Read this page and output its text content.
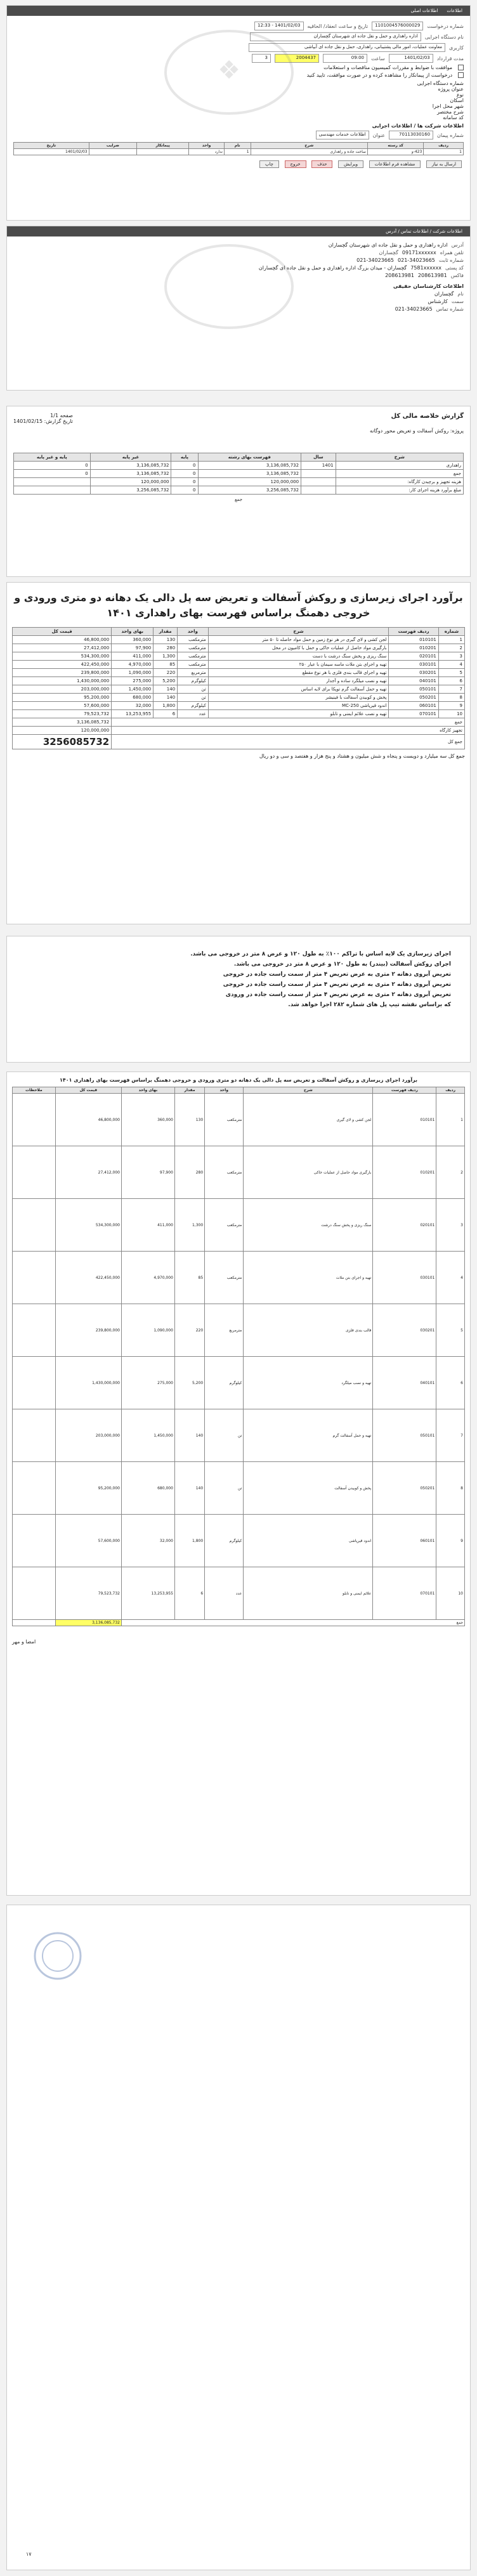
اطلاعات
اطلاعات اصلی
❖
شماره درخواست
1101004576000029
تاریخ و ساعت انعقاد/ الحاقیه
1401/02/03 - 12:33
نام دستگاه اجرایی
اداره راهداری و حمل و نقل جاده ای شهرستان گچساران
کاربری
معاونت عملیات، امور مالی پشتیبانی، راهداری، حمل و نقل جاده ای آبپاشی
مدت قرارداد
1401/02/03
ساعت
09:00
2004437
3
موافقت با ضوابط و مقررات کمیسیون مناقصات و استعلامات
درخواست از پیمانکار را مشاهده کرده و در صورت موافقت، تایید کنید
شماره دستگاه اجرایی
عنوان پروژه
نوع
اسکان
شهر محل اجرا
شرح مختصر
کد سامانه
اطلاعات شرکت ها / اطلاعات اجرایی
شماره پیمان
70113030160
عنوان
اطلاعات خدمات مهندسی
ردیف	کد رسته	شرح	نام	واحد	پیمانکار	ضرایب	تاریخ
1	423-و	ساخت جاده و راهداری	1	ندارد			1401/02/03
ارسال به نیاز مشاهده فرم اطلاعات ویرایش حذف خروج چاپ
اطلاعات شرکت / اطلاعات تماس / آدرس
آدرس
اداره راهداری و حمل و نقل جاده ای شهرستان گچساران
تلفن همراه
09171xxxxxx
گچساران
شماره ثابت
021-34023665
021-34023665
کد پستی
7581xxxxxx
گچساران - میدان بزرگ اداره راهداری و حمل و نقل جاده ای گچساران
فاکس
208613981
208613981
اطلاعات کارشناسان حقیقی
نام
گچساران
سمت
کارشناس
شماره تماس
021-34023665
گزارش خلاصه مالی کل
صفحه 1/1
تاریخ گزارش: 1401/02/15
پروژه: روکش آسفالت و تعریض محور دوگانه
شرح	سال	فهرست بهای رشته	پایه	غیر پایه	پایه و غیر پایه
راهداری	1401	3,136,085,732	0	3,136,085,732	0
جمع		3,136,085,732	0	3,136,085,732	0
هزینه تجهیز و برچیدن کارگاه:		120,000,000	0	120,000,000	
مبلغ برآورد هزینه اجرای کار:		3,256,085,732	0	3,256,085,732	
جمع
برآورد اجرای زیرسازی و روکش آسفالت و تعریض سه پل دالی یک دهانه دو متری ورودی و خروجی دهمنگ براساس فهرست بهای راهداری ۱۴۰۱
شماره	ردیف فهرست	شرح	واحد	مقدار	بهای واحد	قیمت کل
1	010101	لجن کشی و لای گیری در هر نوع زمین و حمل مواد حاصله تا ۵۰ متر	مترمکعب	130	360,000	46,800,000
2	010201	بارگیری مواد حاصل از عملیات خاکی و حمل با کامیون در محل	مترمکعب	280	97,900	27,412,000
3	020101	سنگ ریزی و پخش سنگ درشت با دست	مترمکعب	1,300	411,000	534,300,000
4	030101	تهیه و اجرای بتن ملات ماسه سیمان با عیار ۲۵۰	مترمکعب	85	4,970,000	422,450,000
5	030201	تهیه و اجرای قالب بندی فلزی با هر نوع مقطع	مترمربع	220	1,090,000	239,800,000
6	040101	تهیه و نصب میلگرد ساده و آجدار	کیلوگرم	5,200	275,000	1,430,000,000
7	050101	تهیه و حمل آسفالت گرم توپکا برای لایه اساس	تن	140	1,450,000	203,000,000
8	050201	پخش و کوبیدن آسفالت با فینیشر	تن	140	680,000	95,200,000
9	060101	اندود قیرپاشی MC-250	کیلوگرم	1,800	32,000	57,600,000
10	070101	تهیه و نصب علائم ایمنی و تابلو	عدد	6	13,253,955	79,523,732
جمع						3,136,085,732
تجهیز کارگاه						120,000,000
جمع کل						3256085732
جمع کل سه میلیارد و دویست و پنجاه و شش میلیون و هشتاد و پنج هزار و هفتصد و سی و دو ریال
اجرای زیرسازی یک لایه اساس با تراکم ۱۰۰٪ به طول ۱۲۰ و عرض ۸ متر در خروجی می باشد.
اجرای روکش آسفالت (بیندر) به طول ۱۲۰ و عرض ۸ متر در خروجی می باشد.
تعریض آبروی دهانه ۲ متری به عرض تعریض ۴ متر از سمت راست جاده در خروجی
تعریض آبروی دهانه ۲ متری به عرض تعریض ۴ متر از سمت راست جاده در خروجی
تعریض آبروی دهانه ۲ متری به عرض تعریض ۴ متر از سمت راست جاده در ورودی
که براساس نقشه تیپ پل های شماره ۲۸۲ اجرا خواهد شد.
برآورد اجرای زیرسازی و روکش آسفالت و تعریض سه پل دالی یک دهانه دو متری ورودی و خروجی دهمنگ براساس فهرست بهای راهداری ۱۴۰۱
ردیف	ردیف فهرست	شرح	واحد	مقدار	بهای واحد	قیمت کل	ملاحظات
1	010101	لجن کشی و لای گیری	مترمکعب	130	360,000	46,800,000	
2	010201	بارگیری مواد حاصل از عملیات خاکی	مترمکعب	280	97,900	27,412,000	
3	020101	سنگ ریزی و پخش سنگ درشت	مترمکعب	1,300	411,000	534,300,000	
4	030101	تهیه و اجرای بتن ملات	مترمکعب	85	4,970,000	422,450,000	
5	030201	قالب بندی فلزی	مترمربع	220	1,090,000	239,800,000	
6	040101	تهیه و نصب میلگرد	کیلوگرم	5,200	275,000	1,430,000,000	
7	050101	تهیه و حمل آسفالت گرم	تن	140	1,450,000	203,000,000	
8	050201	پخش و کوبیدن آسفالت	تن	140	680,000	95,200,000	
9	060101	اندود قیرپاشی	کیلوگرم	1,800	32,000	57,600,000	
10	070101	علائم ایمنی و تابلو	عدد	6	13,253,955	79,523,732	
جمع						3,136,085,732	
امضا و مهر
۱۷
